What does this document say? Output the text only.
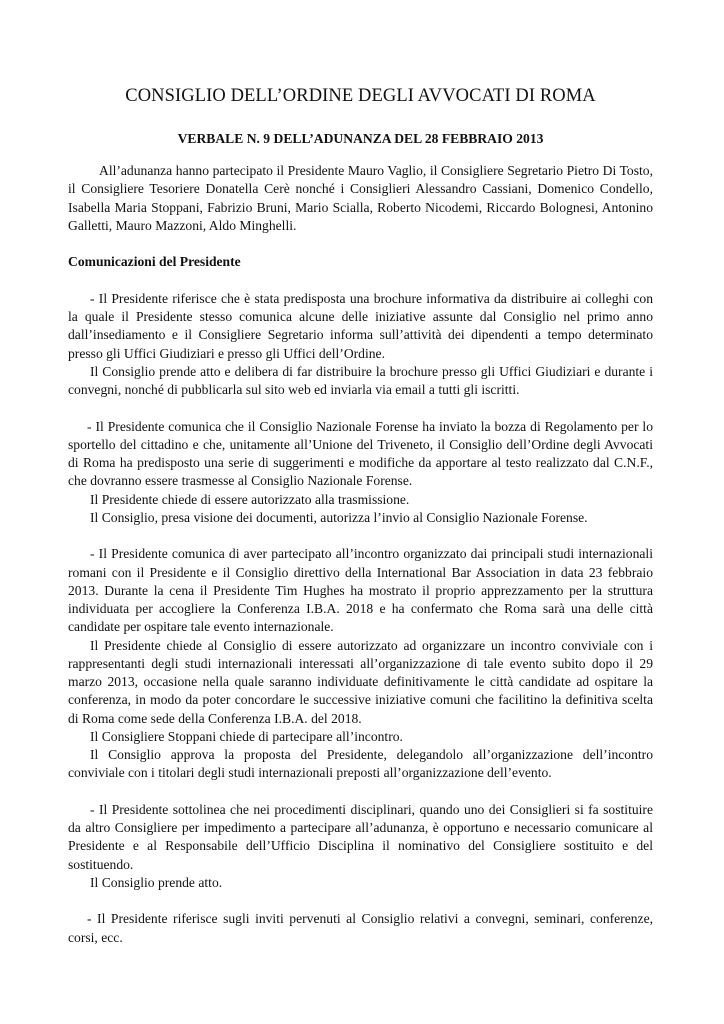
CONSIGLIO DELL’ORDINE DEGLI AVVOCATI DI ROMA
VERBALE N. 9 DELL’ADUNANZA DEL 28 FEBBRAIO 2013

All’adunanza hanno partecipato il Presidente Mauro Vaglio, il Consigliere Segretario Pietro Di Tosto, il Consigliere Tesoriere Donatella Cerè nonché i Consiglieri Alessandro Cassiani, Domenico Condello, Isabella Maria Stoppani, Fabrizio Bruni, Mario Scialla, Roberto Nicodemi, Riccardo Bolognesi, Antonino Galletti, Mauro Mazzoni, Aldo Minghelli.

Comunicazioni del Presidente

- Il Presidente riferisce che è stata predisposta una brochure informativa da distribuire ai colleghi con la quale il Presidente stesso comunica alcune delle iniziative assunte dal Consiglio nel primo anno dall’insediamento e il Consigliere Segretario informa sull’attività dei dipendenti a tempo determinato presso gli Uffici Giudiziari e presso gli Uffici dell’Ordine.

Il Consiglio prende atto e delibera di far distribuire la brochure presso gli Uffici Giudiziari e durante i convegni, nonché di pubblicarla sul sito web ed inviarla via email a tutti gli iscritti.

- Il Presidente comunica che il Consiglio Nazionale Forense ha inviato la bozza di Regolamento per lo sportello del cittadino e che, unitamente all’Unione del Triveneto, il Consiglio dell’Ordine degli Avvocati di Roma ha predisposto una serie di suggerimenti e modifiche da apportare al testo realizzato dal C.N.F., che dovranno essere trasmesse al Consiglio Nazionale Forense.

Il Presidente chiede di essere autorizzato alla trasmissione.

Il Consiglio, presa visione dei documenti, autorizza l’invio al Consiglio Nazionale Forense.

- Il Presidente comunica di aver partecipato all’incontro organizzato dai principali studi internazionali romani con il Presidente e il Consiglio direttivo della International Bar Association in data 23 febbraio 2013. Durante la cena il Presidente Tim Hughes ha mostrato il proprio apprezzamento per la struttura individuata per accogliere la Conferenza I.B.A. 2018 e ha confermato che Roma sarà una delle città candidate per ospitare tale evento internazionale.

Il Presidente chiede al Consiglio di essere autorizzato ad organizzare un incontro conviviale con i rappresentanti degli studi internazionali interessati all’organizzazione di tale evento subito dopo il 29 marzo 2013, occasione nella quale saranno individuate definitivamente le città candidate ad ospitare la conferenza, in modo da poter concordare le successive iniziative comuni che facilitino la definitiva scelta di Roma come sede della Conferenza I.B.A. del 2018.

Il Consigliere Stoppani chiede di partecipare all’incontro.

Il Consiglio approva la proposta del Presidente, delegandolo all’organizzazione dell’incontro conviviale con i titolari degli studi internazionali preposti all’organizzazione dell’evento.

- Il Presidente sottolinea che nei procedimenti disciplinari, quando uno dei Consiglieri si fa sostituire da altro Consigliere per impedimento a partecipare all’adunanza, è opportuno e necessario comunicare al Presidente e al Responsabile dell’Ufficio Disciplina il nominativo del Consigliere sostituito e del sostituendo.

Il Consiglio prende atto.

- Il Presidente riferisce sugli inviti pervenuti al Consiglio relativi a convegni, seminari, conferenze, corsi, ecc.
